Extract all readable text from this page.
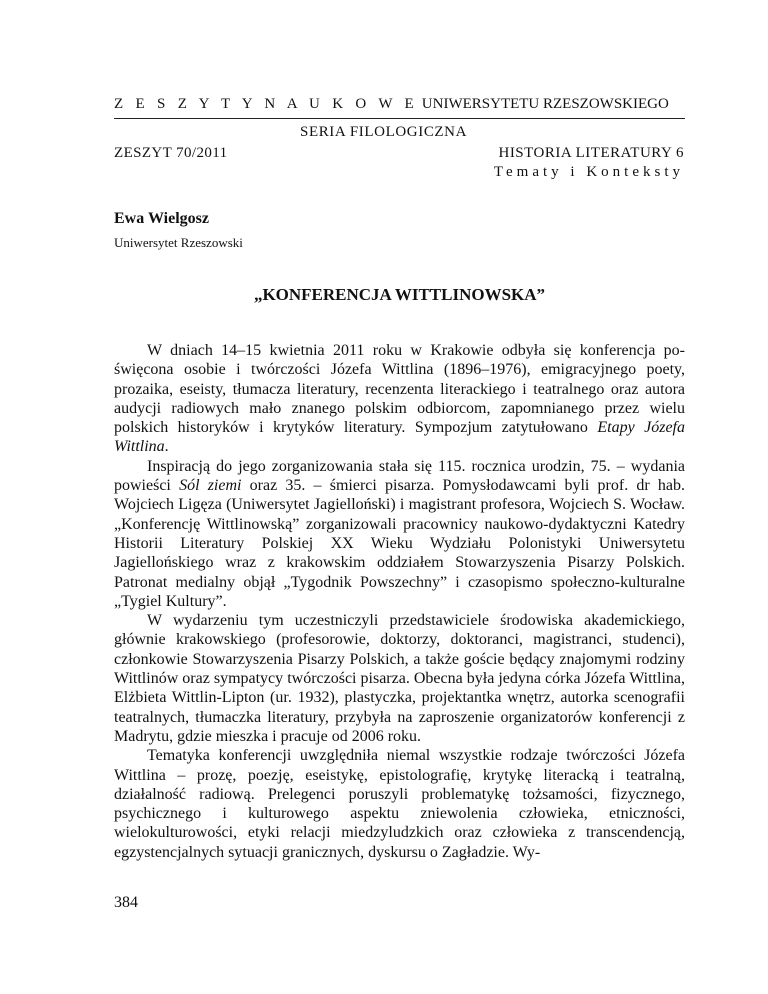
Z E S Z Y T Y N A U K O W E UNIWERSYTETU RZESZOWSKIEGO
SERIA FILOLOGICZNA
ZESZYT 70/2011	HISTORIA LITERATURY 6
Tematy i Konteksty
Ewa Wielgosz
Uniwersytet Rzeszowski
„KONFERENCJA WITTLINOWSKA”

W dniach 14–15 kwietnia 2011 roku w Krakowie odbyła się konferencja poświęcona osobie i twórczości Józefa Wittlina (1896–1976), emigracyjnego poety, prozaika, eseisty, tłumacza literatury, recenzenta literackiego i teatralnego oraz autora audycji radiowych mało znanego polskim odbiorcom, zapomnianego przez wielu polskich historyków i krytyków literatury. Sympozjum zatytułowano Etapy Józefa Wittlina.

Inspiracją do jego zorganizowania stała się 115. rocznica urodzin, 75. – wydania powieści Sól ziemi oraz 35. – śmierci pisarza. Pomysłodawcami byli prof. dr hab. Wojciech Ligęza (Uniwersytet Jagielloński) i magistrant profesora, Wojciech S. Wocław. „Konferencję Wittlinowską” zorganizowali pracownicy naukowo-dydaktyczni Katedry Historii Literatury Polskiej XX Wieku Wydziału Polonistyki Uniwersytetu Jagiellońskiego wraz z krakowskim oddziałem Stowarzyszenia Pisarzy Polskich. Patronat medialny objął „Tygodnik Powszechny” i czasopismo społeczno-kulturalne „Tygiel Kultury”.

W wydarzeniu tym uczestniczyli przedstawiciele środowiska akademickiego, głównie krakowskiego (profesorowie, doktorzy, doktoranci, magistranci, studenci), członkowie Stowarzyszenia Pisarzy Polskich, a także goście będący znajomymi rodziny Wittlinów oraz sympatycy twórczości pisarza. Obecna była jedyna córka Józefa Wittlina, Elżbieta Wittlin-Lipton (ur. 1932), plastyczka, projektantka wnętrz, autorka scenografii teatralnych, tłumaczka literatury, przybyła na zaproszenie organizatorów konferencji z Madrytu, gdzie mieszka i pracuje od 2006 roku.

Tematyka konferencji uwzględniła niemal wszystkie rodzaje twórczości Józefa Wittlina – prozę, poezję, eseistykę, epistolografię, krytykę literacką i teatralną, działalność radiową. Prelegenci poruszyli problematykę tożsamości, fizycznego, psychicznego i kulturowego aspektu zniewolenia człowieka, etniczności, wielokulturowości, etyki relacji miedzyludzkich oraz człowieka z transcendencją, egzystencjalnych sytuacji granicznych, dyskursu o Zagładzie. Wy-

384
